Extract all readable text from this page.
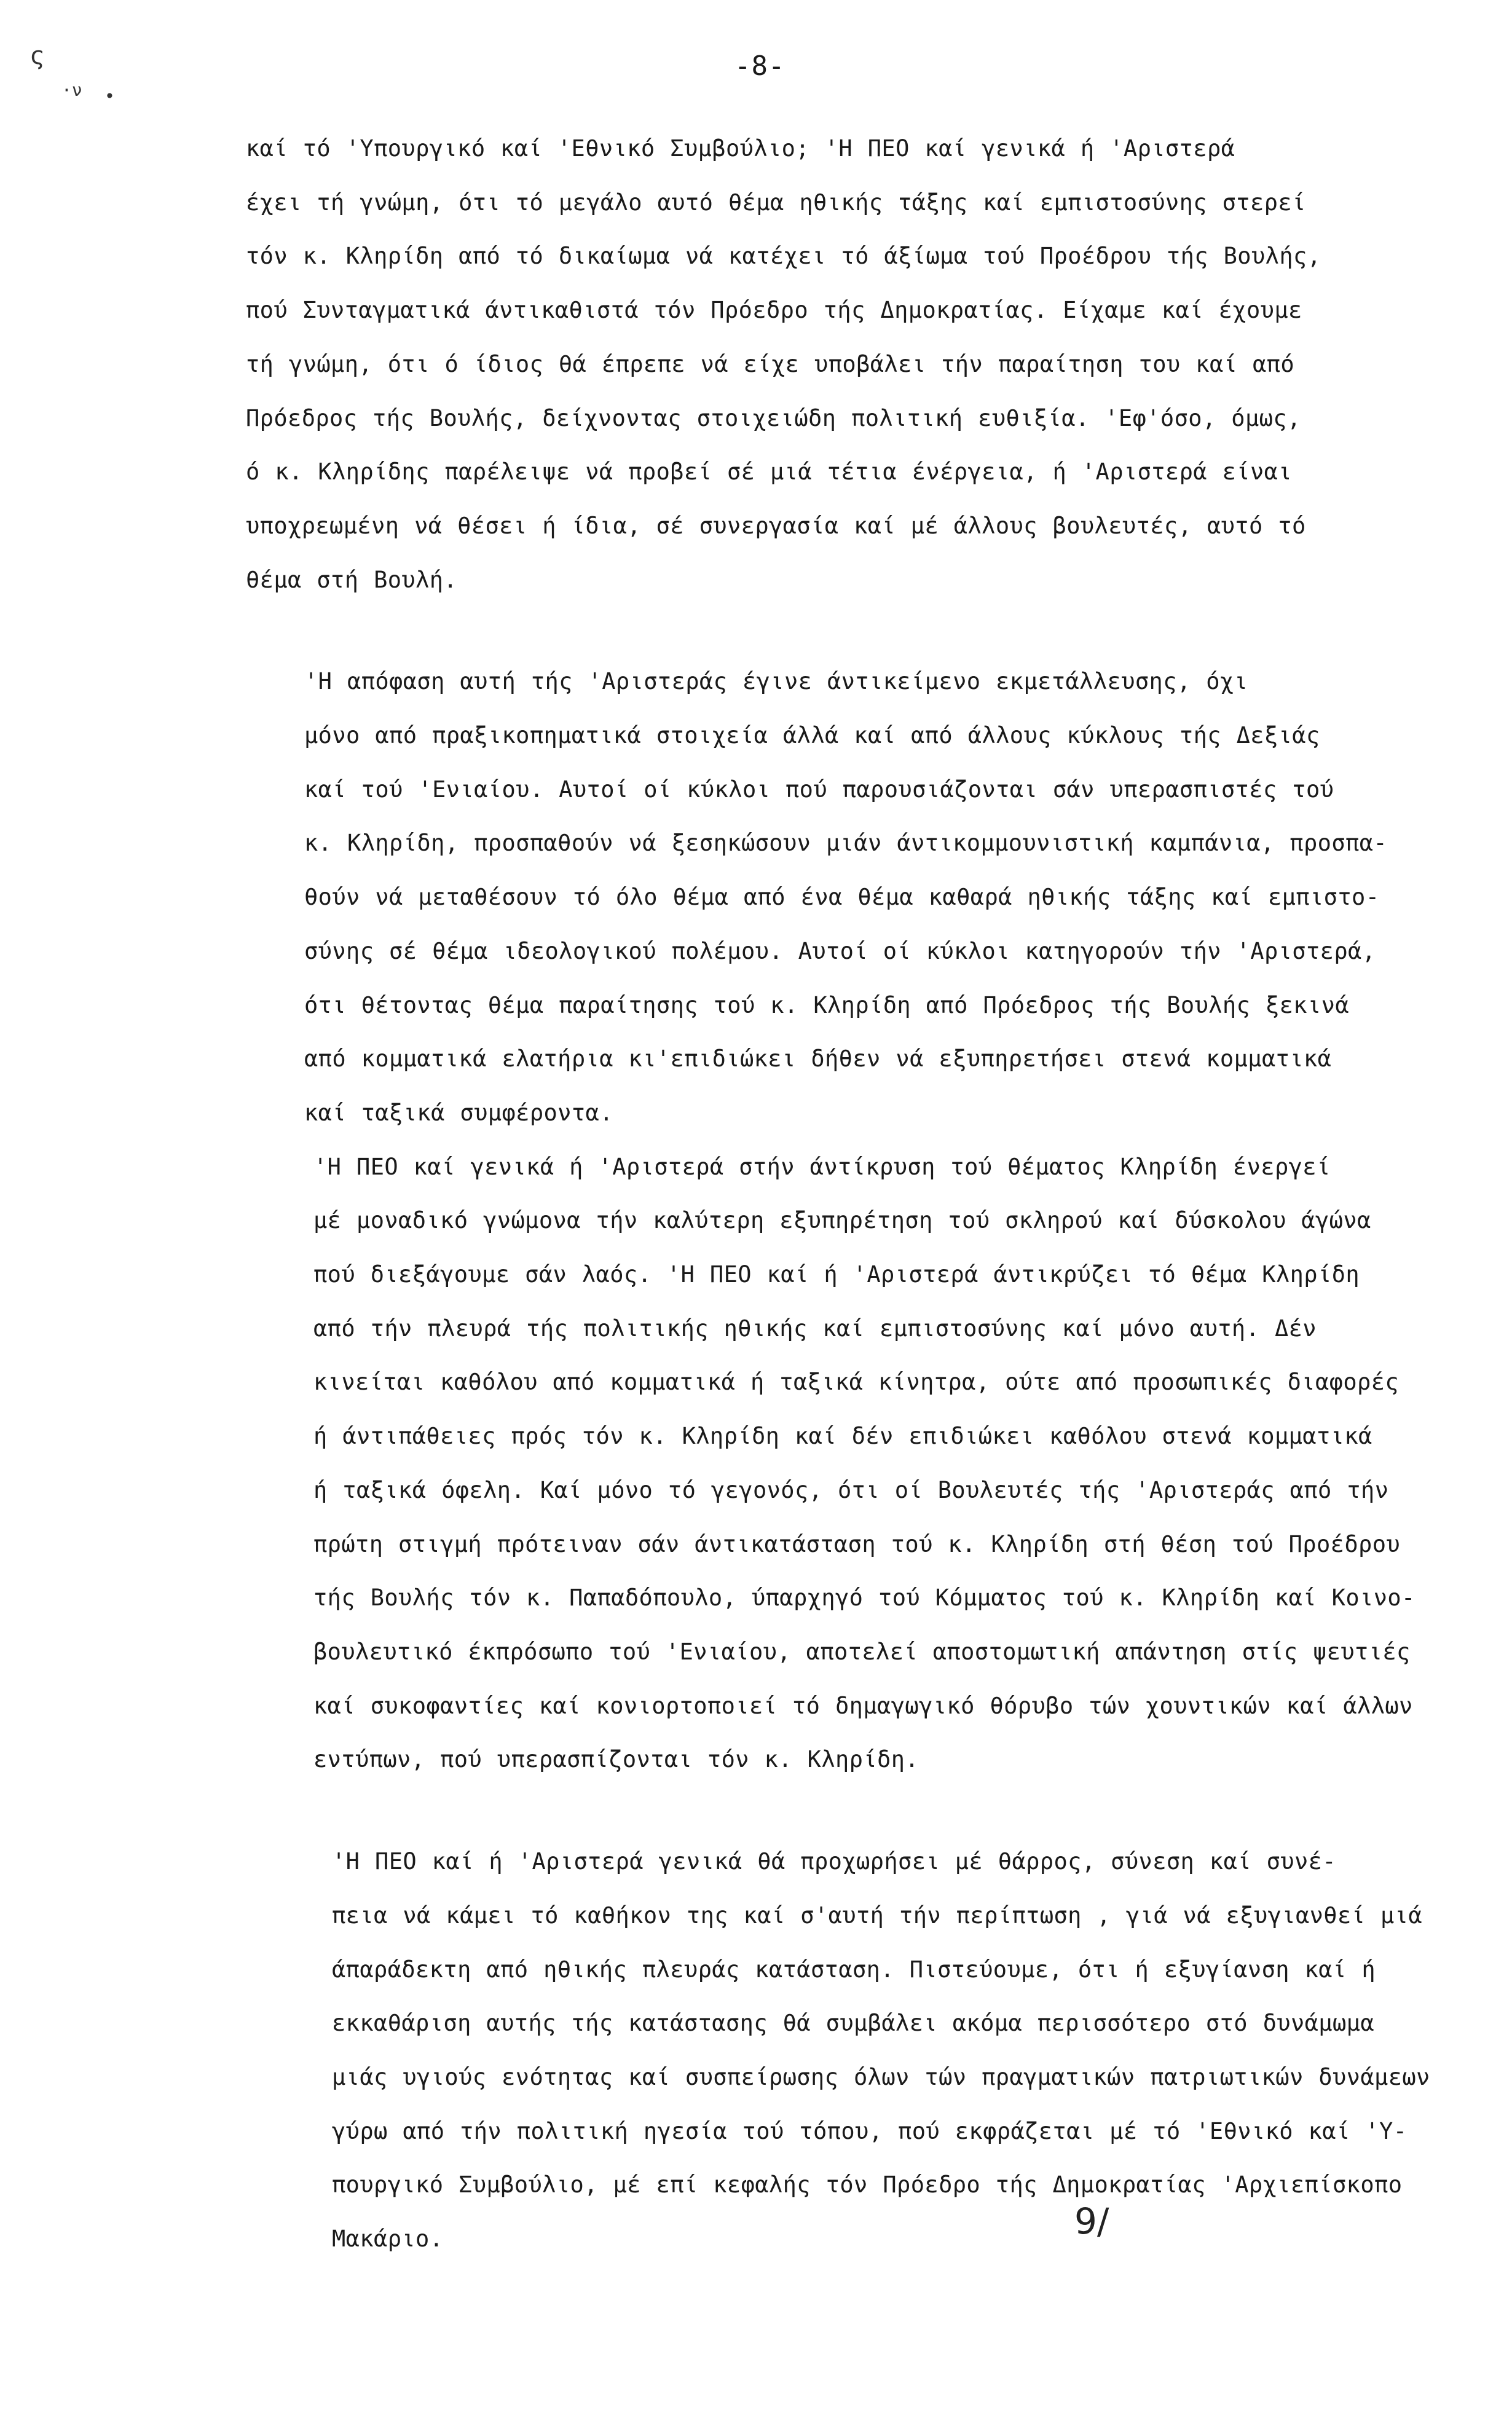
ς
·ν •
-8-
καί τό 'Υπουργικό καί 'Εθνικό Συμβούλιο; 'Η ΠΕΟ καί γενικά ή 'Αριστερά
έχει τή γνώμη, ότι τό μεγάλο αυτό θέμα ηθικής τάξης καί εμπιστοσύνης στερεί
τόν κ. Κληρίδη από τό δικαίωμα νά κατέχει τό άξίωμα τού Προέδρου τής Βουλής,
πού Συνταγματικά άντικαθιστά τόν Πρόεδρο τής Δημοκρατίας. Είχαμε καί έχουμε
τή γνώμη, ότι ό ίδιος θά έπρεπε νά είχε υποβάλει τήν παραίτηση του καί από
Πρόεδρος τής Βουλής, δείχνοντας στοιχειώδη πολιτική ευθιξία. 'Εφ'όσο, όμως,
ό κ. Κληρίδης παρέλειψε νά προβεί σέ μιά τέτια ένέργεια, ή 'Αριστερά είναι
υποχρεωμένη νά θέσει ή ίδια, σέ συνεργασία καί μέ άλλους βουλευτές, αυτό τό
θέμα στή Βουλή.
'Η απόφαση αυτή τής 'Αριστεράς έγινε άντικείμενο εκμετάλλευσης, όχι
μόνο από πραξικοπηματικά στοιχεία άλλά καί από άλλους κύκλους τής Δεξιάς
καί τού 'Ενιαίου. Αυτοί οί κύκλοι πού παρουσιάζονται σάν υπερασπιστές τού
κ. Κληρίδη, προσπαθούν νά ξεσηκώσουν μιάν άντικομμουνιστική καμπάνια, προσπα-
θούν νά μεταθέσουν τό όλο θέμα από ένα θέμα καθαρά ηθικής τάξης καί εμπιστο-
σύνης σέ θέμα ιδεολογικού πολέμου. Αυτοί οί κύκλοι κατηγορούν τήν 'Αριστερά,
ότι θέτοντας θέμα παραίτησης τού κ. Κληρίδη από Πρόεδρος τής Βουλής ξεκινά
από κομματικά ελατήρια κι'επιδιώκει δήθεν νά εξυπηρετήσει στενά κομματικά
καί ταξικά συμφέροντα.
'Η ΠΕΟ καί γενικά ή 'Αριστερά στήν άντίκρυση τού θέματος Κληρίδη ένεργεί
μέ μοναδικό γνώμονα τήν καλύτερη εξυπηρέτηση τού σκληρού καί δύσκολου άγώνα
πού διεξάγουμε σάν λαός. 'Η ΠΕΟ καί ή 'Αριστερά άντικρύζει τό θέμα Κληρίδη
από τήν πλευρά τής πολιτικής ηθικής καί εμπιστοσύνης καί μόνο αυτή. Δέν
κινείται καθόλου από κομματικά ή ταξικά κίνητρα, ούτε από προσωπικές διαφορές
ή άντιπάθειες πρός τόν κ. Κληρίδη καί δέν επιδιώκει καθόλου στενά κομματικά
ή ταξικά όφελη. Καί μόνο τό γεγονός, ότι οί Βουλευτές τής 'Αριστεράς από τήν
πρώτη στιγμή πρότειναν σάν άντικατάσταση τού κ. Κληρίδη στή θέση τού Προέδρου
τής Βουλής τόν κ. Παπαδόπουλο, ύπαρχηγό τού Κόμματος τού κ. Κληρίδη καί Κοινο-
βουλευτικό έκπρόσωπο τού 'Ενιαίου, αποτελεί αποστομωτική απάντηση στίς ψευτιές
καί συκοφαντίες καί κονιορτοποιεί τό δημαγωγικό θόρυβο τών χουντικών καί άλλων
εντύπων, πού υπερασπίζονται τόν κ. Κληρίδη.
'Η ΠΕΟ καί ή 'Αριστερά γενικά θά προχωρήσει μέ θάρρος, σύνεση καί συνέ-
πεια νά κάμει τό καθήκον της καί σ'αυτή τήν περίπτωση , γιά νά εξυγιανθεί μιά
άπαράδεκτη από ηθικής πλευράς κατάσταση. Πιστεύουμε, ότι ή εξυγίανση καί ή
εκκαθάριση αυτής τής κατάστασης θά συμβάλει ακόμα περισσότερο στό δυνάμωμα
μιάς υγιούς ενότητας καί συσπείρωσης όλων τών πραγματικών πατριωτικών δυνάμεων
γύρω από τήν πολιτική ηγεσία τού τόπου, πού εκφράζεται μέ τό 'Εθνικό καί 'Υ-
πουργικό Συμβούλιο, μέ επί κεφαλής τόν Πρόεδρο τής Δημοκρατίας 'Αρχιεπίσκοπο
Μακάριο.	9/
